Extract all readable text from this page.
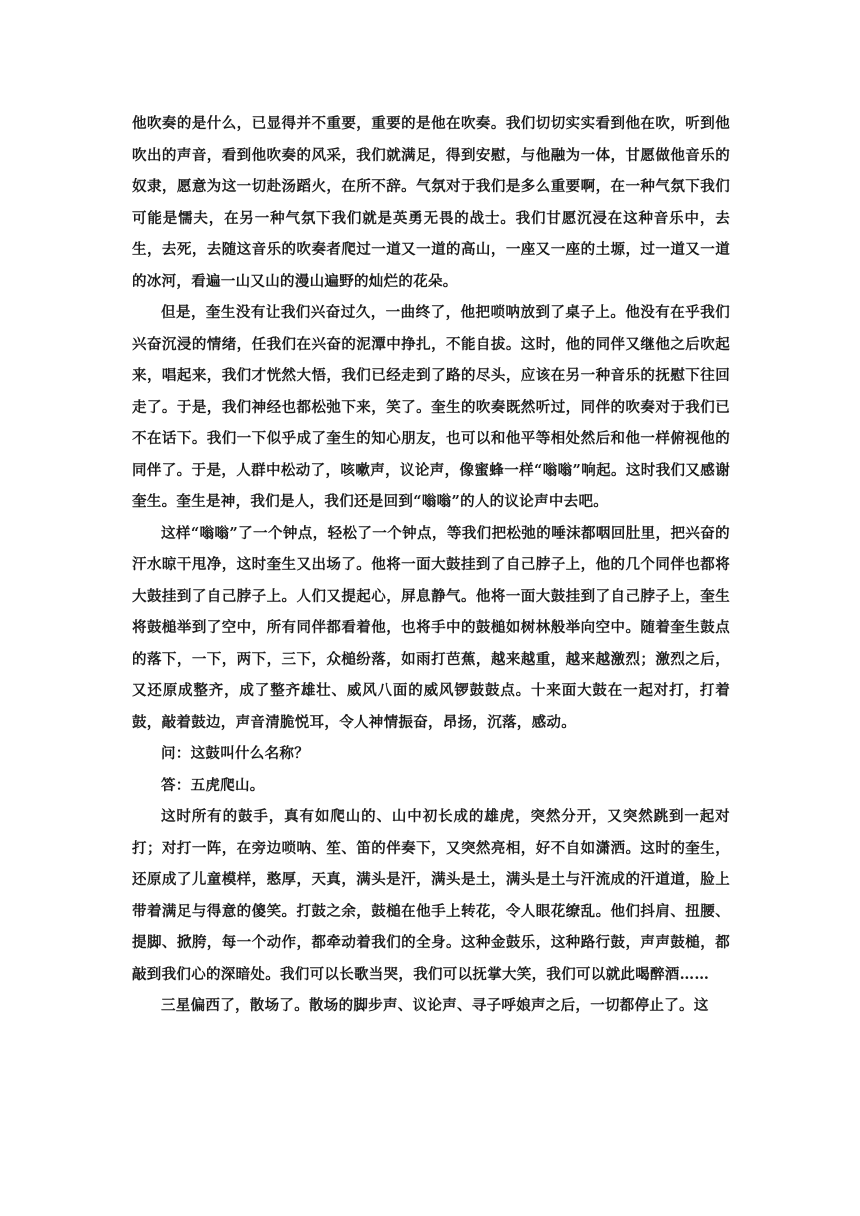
他吹奏的是什么，已显得并不重要，重要的是他在吹奏。我们切切实实看到他在吹，听到他吹出的声音，看到他吹奏的风采，我们就满足，得到安慰，与他融为一体，甘愿做他音乐的奴隶，愿意为这一切赴汤蹈火，在所不辞。气氛对于我们是多么重要啊，在一种气氛下我们可能是懦夫，在另一种气氛下我们就是英勇无畏的战士。我们甘愿沉浸在这种音乐中，去生，去死，去随这音乐的吹奏者爬过一道又一道的高山，一座又一座的土塬，过一道又一道的冰河，看遍一山又山的漫山遍野的灿烂的花朵。

但是，奎生没有让我们兴奋过久，一曲终了，他把唢呐放到了桌子上。他没有在乎我们兴奋沉浸的情绪，任我们在兴奋的泥潭中挣扎，不能自拔。这时，他的同伴又继他之后吹起来，唱起来，我们才恍然大悟，我们已经走到了路的尽头，应该在另一种音乐的抚慰下往回走了。于是，我们神经也都松弛下来，笑了。奎生的吹奏既然听过，同伴的吹奏对于我们已不在话下。我们一下似乎成了奎生的知心朋友，也可以和他平等相处然后和他一样俯视他的同伴了。于是，人群中松动了，咳嗽声，议论声，像蜜蜂一样“嗡嗡”响起。这时我们又感谢奎生。奎生是神，我们是人，我们还是回到“嗡嗡”的人的议论声中去吧。

这样“嗡嗡”了一个钟点，轻松了一个钟点，等我们把松弛的唾沫都咽回肚里，把兴奋的汗水晾干甩净，这时奎生又出场了。他将一面大鼓挂到了自己脖子上，他的几个同伴也都将大鼓挂到了自己脖子上。人们又提起心，屏息静气。他将一面大鼓挂到了自己脖子上，奎生将鼓槌举到了空中，所有同伴都看着他，也将手中的鼓槌如树林般举向空中。随着奎生鼓点的落下，一下，两下，三下，众槌纷落，如雨打芭蕉，越来越重，越来越激烈；激烈之后，又还原成整齐，成了整齐雄壮、威风八面的威风锣鼓鼓点。十来面大鼓在一起对打，打着鼓，敲着鼓边，声音清脆悦耳，令人神情振奋，昂扬，沉落，感动。

问：这鼓叫什么名称？

答：五虎爬山。

这时所有的鼓手，真有如爬山的、山中初长成的雄虎，突然分开，又突然跳到一起对打；对打一阵，在旁边唢呐、笙、笛的伴奏下，又突然亮相，好不自如潇洒。这时的奎生，还原成了儿童模样，憨厚，天真，满头是汗，满头是土，满头是土与汗流成的汗道道，脸上带着满足与得意的傻笑。打鼓之余，鼓槌在他手上转花，令人眼花缭乱。他们抖肩、扭腰、提脚、掀胯，每一个动作，都牵动着我们的全身。这种金鼓乐，这种路行鼓，声声鼓槌，都敲到我们心的深暗处。我们可以长歌当哭，我们可以抚掌大笑，我们可以就此喝醉酒……

三星偏西了，散场了。散场的脚步声、议论声、寻子呼娘声之后，一切都停止了。这
